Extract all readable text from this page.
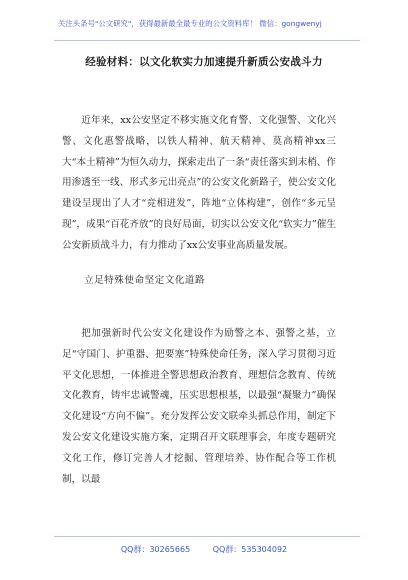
关注头条号"公文研究"，获得最新最全最专业的公文资料库！ 微信：gongwenyj
经验材料：以文化软实力加速提升新质公安战斗力

近年来，xx公安坚定不移实施文化育警、文化强警、文化兴警、文化惠警战略，以铁人精神、航天精神、莫高精神xx三大“本土精神”为恒久动力，探索走出了一条“责任落实到末梢、作用渗透至一线、形式多元出亮点”的公安文化新路子，使公安文化建设呈现出了人才“竞相迸发”，阵地“立体构建”，创作“多元呈现”，成果“百花齐放”的良好局面，切实以公安文化“软实力”催生公安新质战斗力，有力推动了xx公安事业高质量发展。

立足特殊使命坚定文化道路

把加强新时代公安文化建设作为励警之本、强警之基，立足“守国门、护重器、把要塞”特殊使命任务，深入学习贯彻习近平文化思想，一体推进全警思想政治教育、理想信念教育、传统文化教育，铸牢忠诚警魂，压实思想根基，以最强“凝聚力”确保文化建设“方向不偏”。充分发挥公安文联牵头抓总作用，制定下发公安文化建设实施方案，定期召开文联理事会，年度专题研究文化工作，修订完善人才挖掘、管理培养、协作配合等工作机制，以最

QQ群：30265665	QQ群：535304092
